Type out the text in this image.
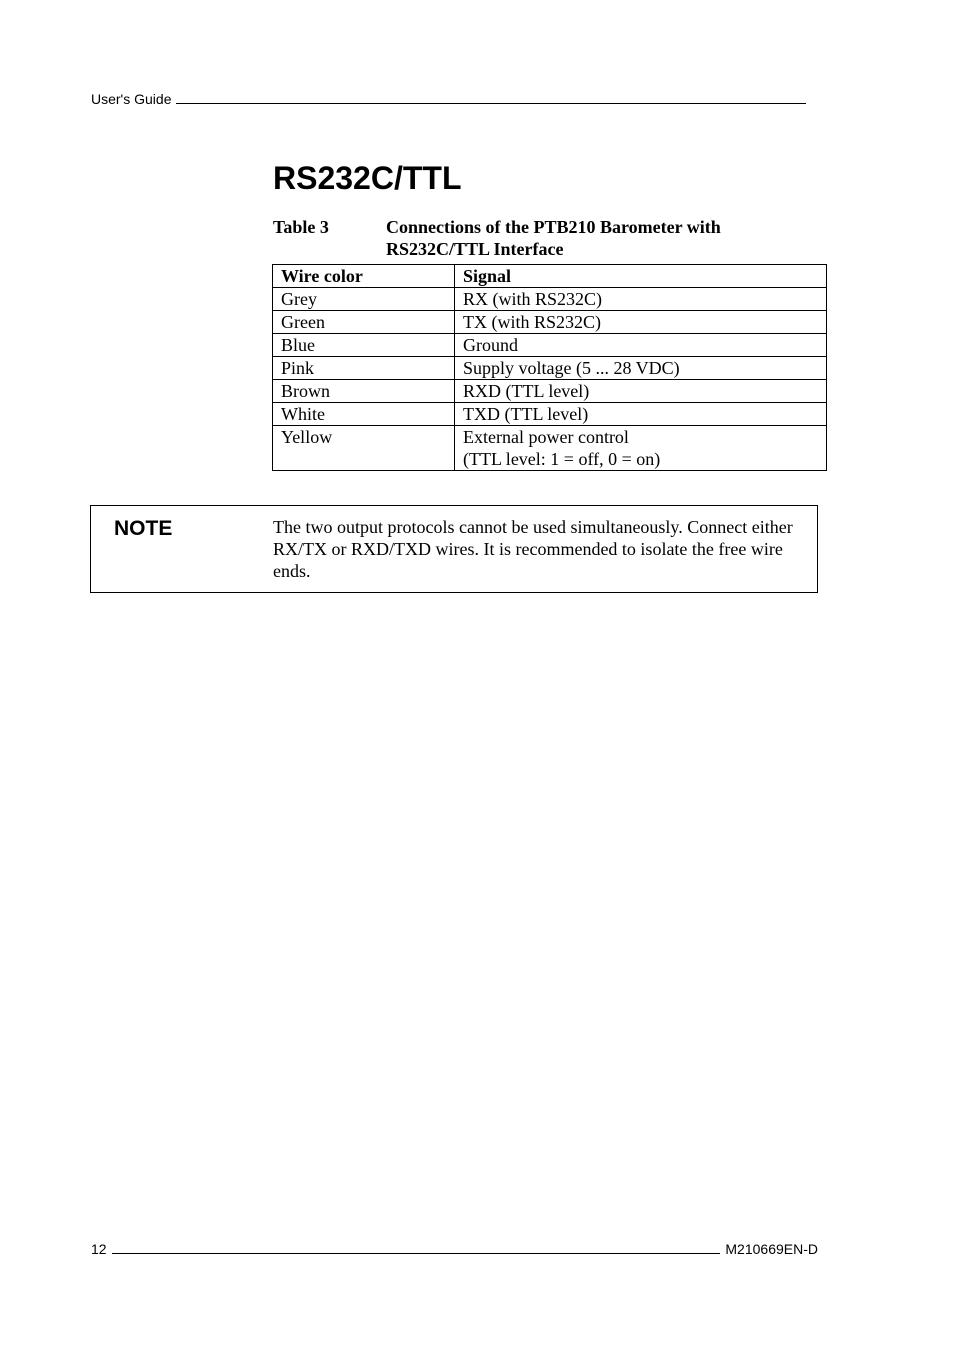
User's Guide
RS232C/TTL
Table 3	Connections of the PTB210 Barometer with RS232C/TTL Interface
Wire color	Signal
Grey	RX (with RS232C)
Green	TX (with RS232C)
Blue	Ground
Pink	Supply voltage (5 ... 28 VDC)
Brown	RXD (TTL level)
White	TXD (TTL level)
Yellow	External power control
(TTL level: 1 = off, 0 = on)
NOTE	The two output protocols cannot be used simultaneously. Connect either RX/TX or RXD/TXD wires. It is recommended to isolate the free wire ends.
12	M210669EN-D
